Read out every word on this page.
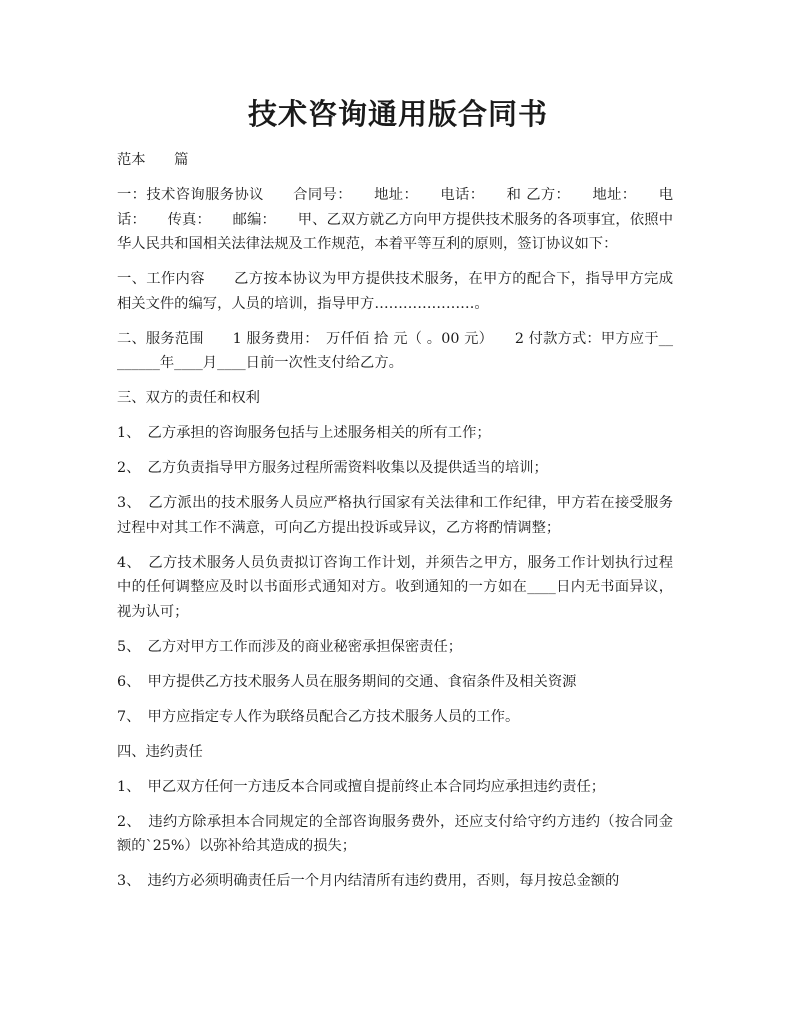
技术咨询通用版合同书

范本　　篇

一：技术咨询服务协议　　合同号：　　地址：　　电话：　　和 乙方：　　地址：　　电话：　　传真：　　邮编：　　甲、乙双方就乙方向甲方提供技术服务的各项事宜，依照中华人民共和国相关法律法规及工作规范，本着平等互利的原则，签订协议如下：

一、工作内容　　乙方按本协议为甲方提供技术服务，在甲方的配合下，指导甲方完成相关文件的编写，人员的培训，指导甲方…………………。

二、服务范围　　1 服务费用：　万仟佰 拾 元（ 。00 元）　　2 付款方式：甲方应于________年____月____日前一次性支付给乙方。

三、双方的责任和权利

1、　乙方承担的咨询服务包括与上述服务相关的所有工作；

2、　乙方负责指导甲方服务过程所需资料收集以及提供适当的培训；

3、　乙方派出的技术服务人员应严格执行国家有关法律和工作纪律，甲方若在接受服务过程中对其工作不满意，可向乙方提出投诉或异议，乙方将酌情调整；

4、　乙方技术服务人员负责拟订咨询工作计划，并须告之甲方，服务工作计划执行过程中的任何调整应及时以书面形式通知对方。收到通知的一方如在____日内无书面异议，视为认可；

5、　乙方对甲方工作而涉及的商业秘密承担保密责任；

6、　甲方提供乙方技术服务人员在服务期间的交通、食宿条件及相关资源

7、　甲方应指定专人作为联络员配合乙方技术服务人员的工作。

四、违约责任

1、　甲乙双方任何一方违反本合同或擅自提前终止本合同均应承担违约责任；

2、　违约方除承担本合同规定的全部咨询服务费外，还应支付给守约方违约（按合同金额的`25%）以弥补给其造成的损失；

3、　违约方必须明确责任后一个月内结清所有违约费用，否则，每月按总金额的
